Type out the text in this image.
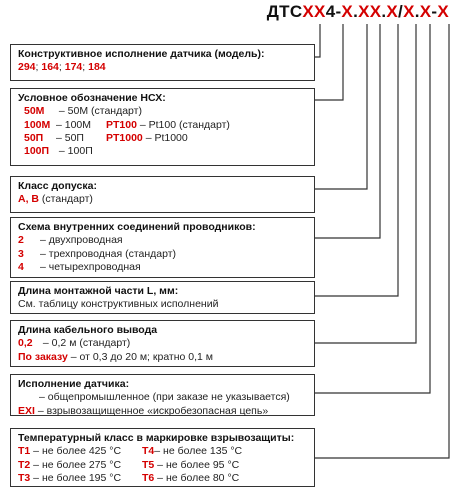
ДТСXX4-X.XX.X/X.X-X
Конструктивное исполнение датчика (модель):
294; 164; 174; 184
Условное обозначение НСХ:
50M – 50M (стандарт)
100M– 100M PT100 – Pt100 (стандарт)
50П– 50П PT1000 – Pt1000
100П – 100П
Класс допуска:
A, B (стандарт)
Схема внутренних соединений проводников:
2 – двухпроводная
3 – трехпроводная (стандарт)
4 – четырехпроводная
Длина монтажной части L, мм:
См. таблицу конструктивных исполнений
Длина кабельного вывода
0,2 – 0,2 м (стандарт)
По заказу – от 0,3 до 20 м; кратно 0,1 м
Исполнение датчика:
– общепромышленное (при заказе не указывается)
EXI – взрывозащищенное «искробезопасная цепь»
Температурный класс в маркировке взрывозащиты:
T1 – не более 425 °C
T2 – не более 275 °C
T3 – не более 195 °C
T4– не более 135 °C
T5 – не более 95 °C
T6 – не более 80 °C
